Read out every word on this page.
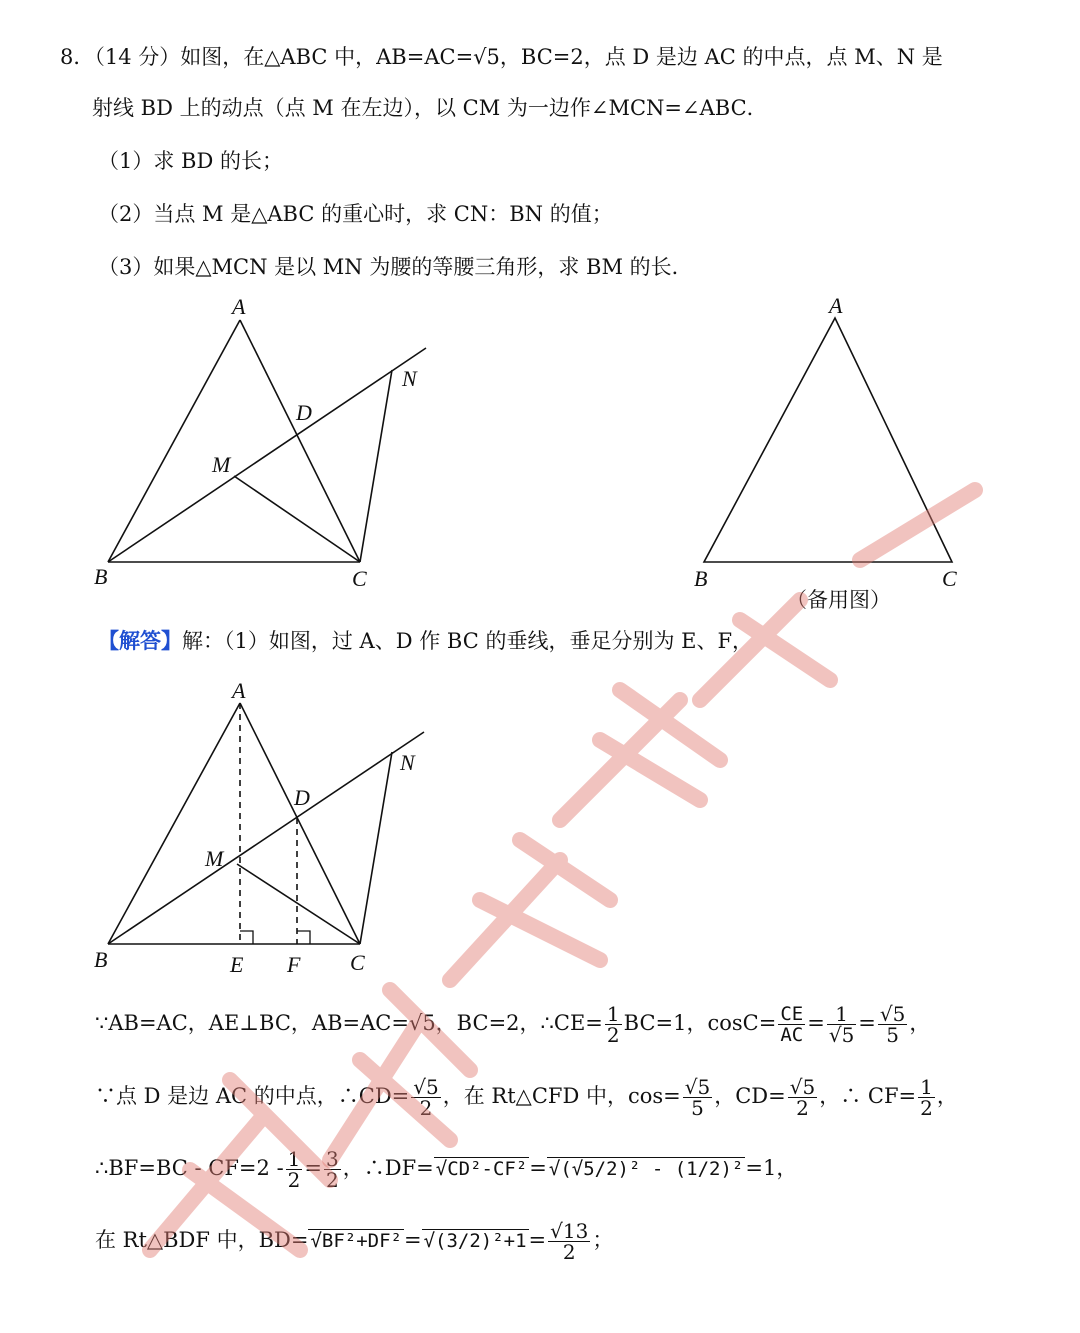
8．（14 分）如图，在△ABC 中，AB=AC=√5，BC=2，点 D 是边 AC 的中点，点 M、N 是
射线 BD 上的动点（点 M 在左边），以 CM 为一边作∠MCN=∠ABC．
（1）求 BD 的长；
（2）当点 M 是△ABC 的重心时，求 CN：BN 的值；
（3）如果△MCN 是以 MN 为腰的等腰三角形，求 BM 的长．
A
B	C
D
M
N
A
B	C
（备用图）
A
B	C
D
M
N
E F
【解答】解：（1）如图，过 A、D 作 BC 的垂线，垂足分别为 E、F，
∵AB=AC，AE⊥BC，AB=AC=√5，BC=2，∴CE= $\frac{1}{2} BC=1$，$\cos C= \frac{CE}{AC} = \frac{1}{√5} = \frac{√5}{5}$ ，
∵点 D 是边 AC 的中点，∴CD= $\frac{√5}{2}$ ，在 Rt△CFD 中，$\cos= \frac{√5}{5}$ ，$CD= \frac{√5}{2}$ ，∴ $CF= \frac{1}{2}$ ，
∴BF=BC - $CF=2 - \frac{1}{2} = \frac{3}{2}$ ，∴DF= √CD²-CF²= √(√5/2)² - (1/2)²=1，
在 Rt△BDF 中，$BD= √BF^2+DF^2= √(3/2)^2+1= \frac{√13}{2}$ ；
